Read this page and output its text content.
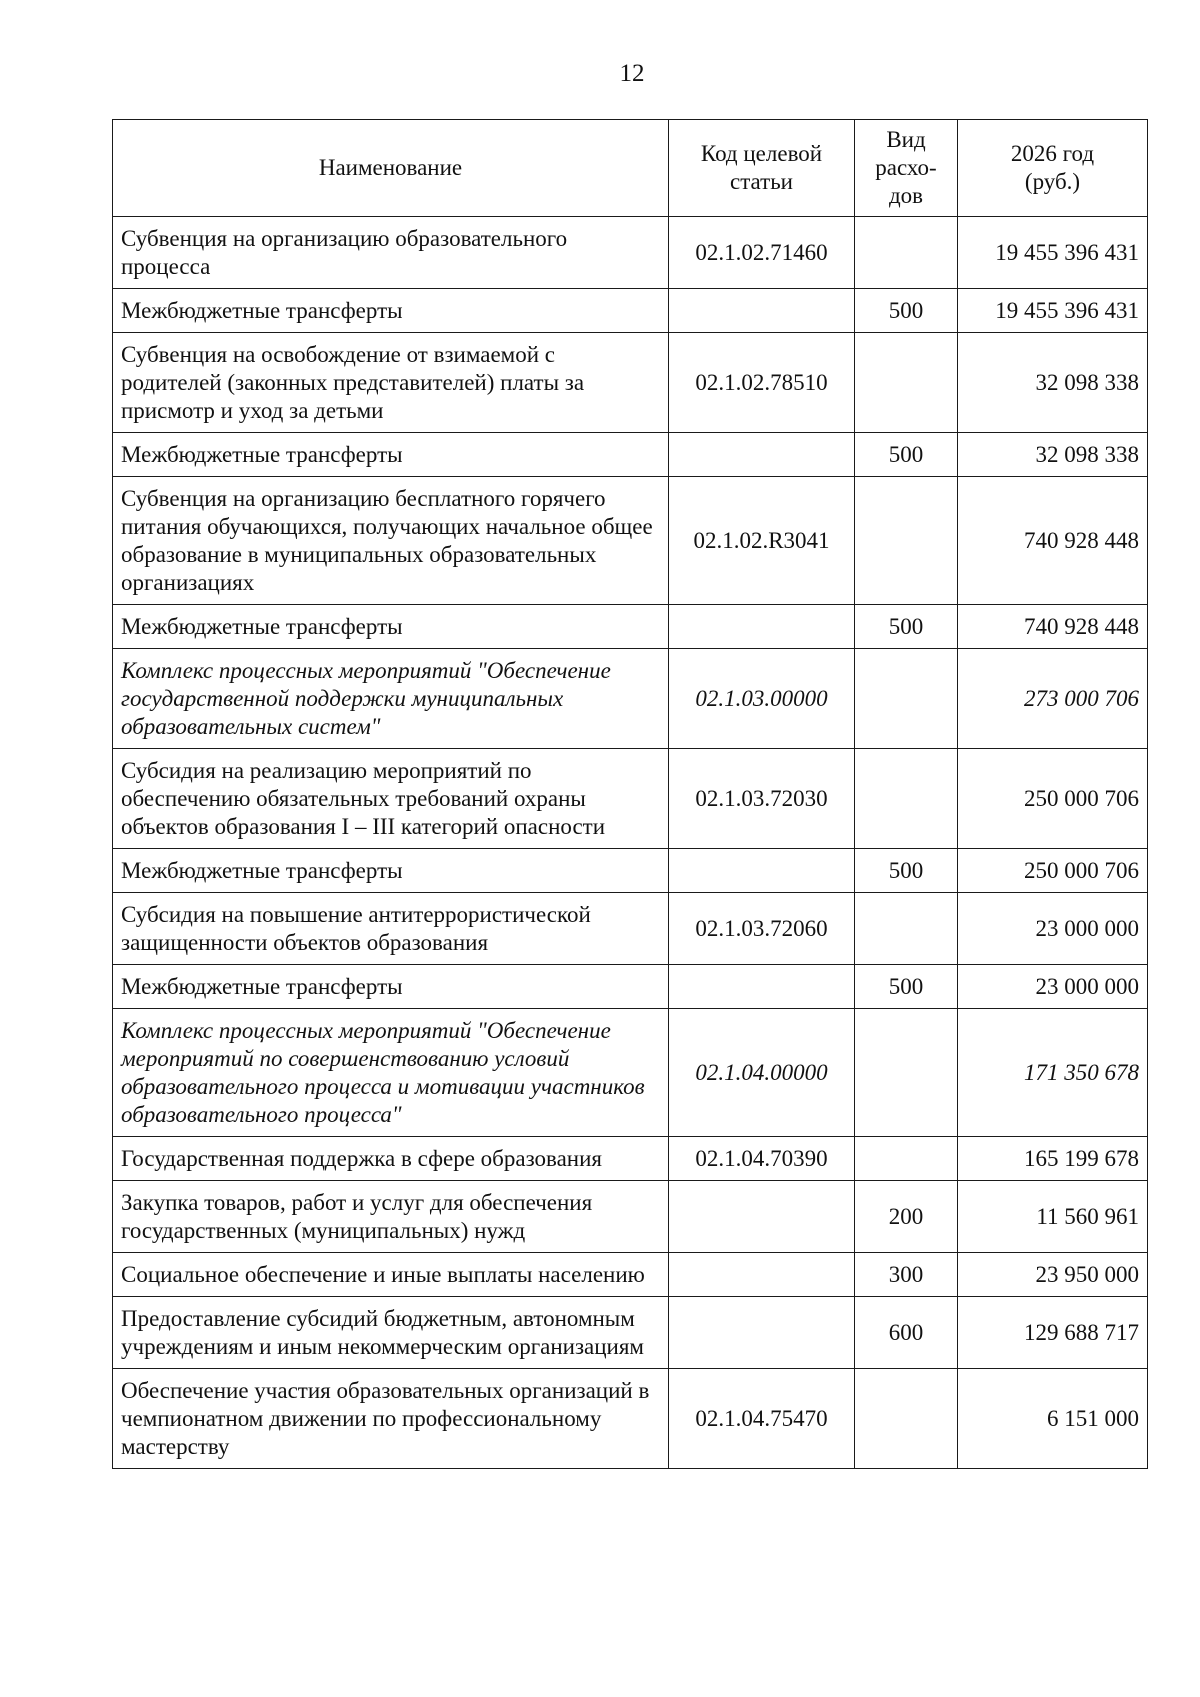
12
Наименование	Код целевой статьи	Вид расхо-дов	2026 год (руб.)
Субвенция на организацию образовательного процесса	02.1.02.71460		19 455 396 431
Межбюджетные трансферты		500	19 455 396 431
Субвенция на освобождение от взимаемой с родителей (законных представителей) платы за присмотр и уход за детьми	02.1.02.78510		32 098 338
Межбюджетные трансферты		500	32 098 338
Субвенция на организацию бесплатного горячего питания обучающихся, получающих начальное общее образование в муниципальных образовательных организациях	02.1.02.R3041		740 928 448
Межбюджетные трансферты		500	740 928 448
Комплекс процессных мероприятий "Обеспечение государственной поддержки муниципальных образовательных систем"	02.1.03.00000		273 000 706
Субсидия на реализацию мероприятий по обеспечению обязательных требований охраны объектов образования I – III категорий опасности	02.1.03.72030		250 000 706
Межбюджетные трансферты		500	250 000 706
Субсидия на повышение антитеррористической защищенности объектов образования	02.1.03.72060		23 000 000
Межбюджетные трансферты		500	23 000 000
Комплекс процессных мероприятий "Обеспечение мероприятий по совершенствованию условий образовательного процесса и мотивации участников образовательного процесса"	02.1.04.00000		171 350 678
Государственная поддержка в сфере образования	02.1.04.70390		165 199 678
Закупка товаров, работ и услуг для обеспечения государственных (муниципальных) нужд		200	11 560 961
Социальное обеспечение и иные выплаты населению		300	23 950 000
Предоставление субсидий бюджетным, автономным учреждениям и иным некоммерческим организациям		600	129 688 717
Обеспечение участия образовательных организаций в чемпионатном движении по профессиональному мастерству	02.1.04.75470		6 151 000
